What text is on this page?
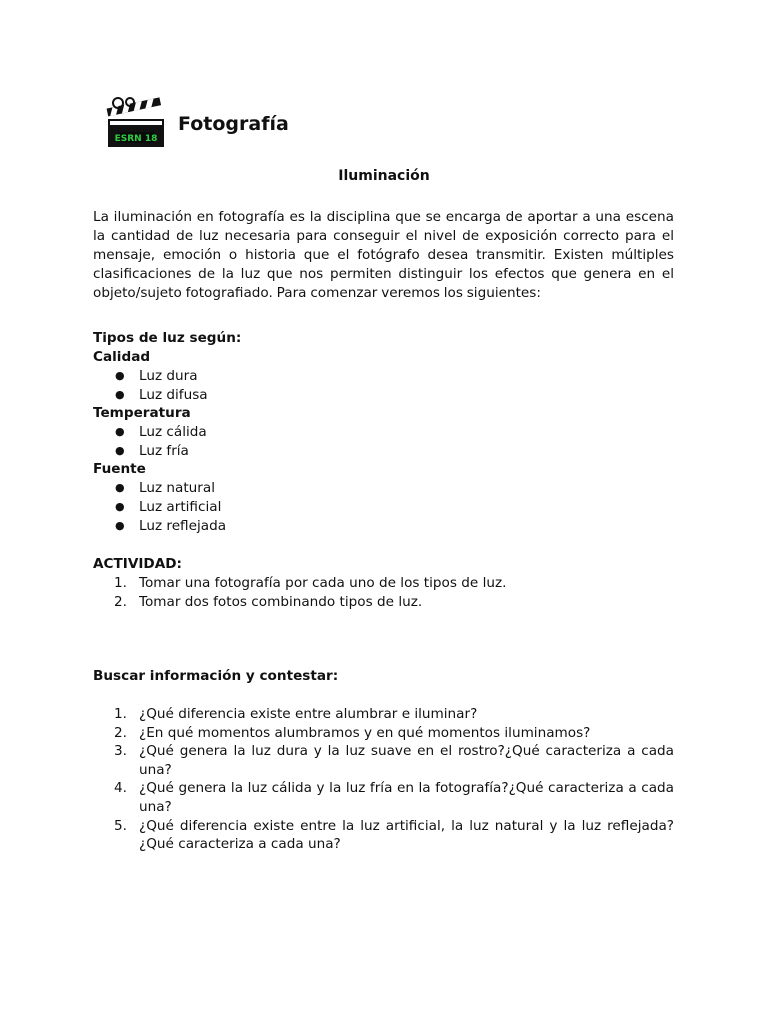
ESRN 18
Fotografía
Iluminación

La iluminación en fotografía es la disciplina que se encarga de aportar a una escena la cantidad de luz necesaria para conseguir el nivel de exposición correcto para el mensaje, emoción o historia que el fotógrafo desea transmitir. Existen múltiples clasificaciones de la luz que nos permiten distinguir los efectos que genera en el objeto/sujeto fotografiado. Para comenzar veremos los siguientes:

Tipos de luz según:

Calidad

● Luz dura
● Luz difusa

Temperatura

● Luz cálida
● Luz fría

Fuente

● Luz natural
● Luz artificial
● Luz reflejada

ACTIVIDAD:

1. Tomar una fotografía por cada uno de los tipos de luz.
2. Tomar dos fotos combinando tipos de luz.

Buscar información y contestar:

1. ¿Qué diferencia existe entre alumbrar e iluminar?
2. ¿En qué momentos alumbramos y en qué momentos iluminamos?
3. ¿Qué genera la luz dura y la luz suave en el rostro?¿Qué caracteriza a cada una?
4. ¿Qué genera la luz cálida y la luz fría en la fotografía?¿Qué caracteriza a cada una?
5. ¿Qué diferencia existe entre la luz artificial, la luz natural y la luz reflejada?¿Qué caracteriza a cada una?
